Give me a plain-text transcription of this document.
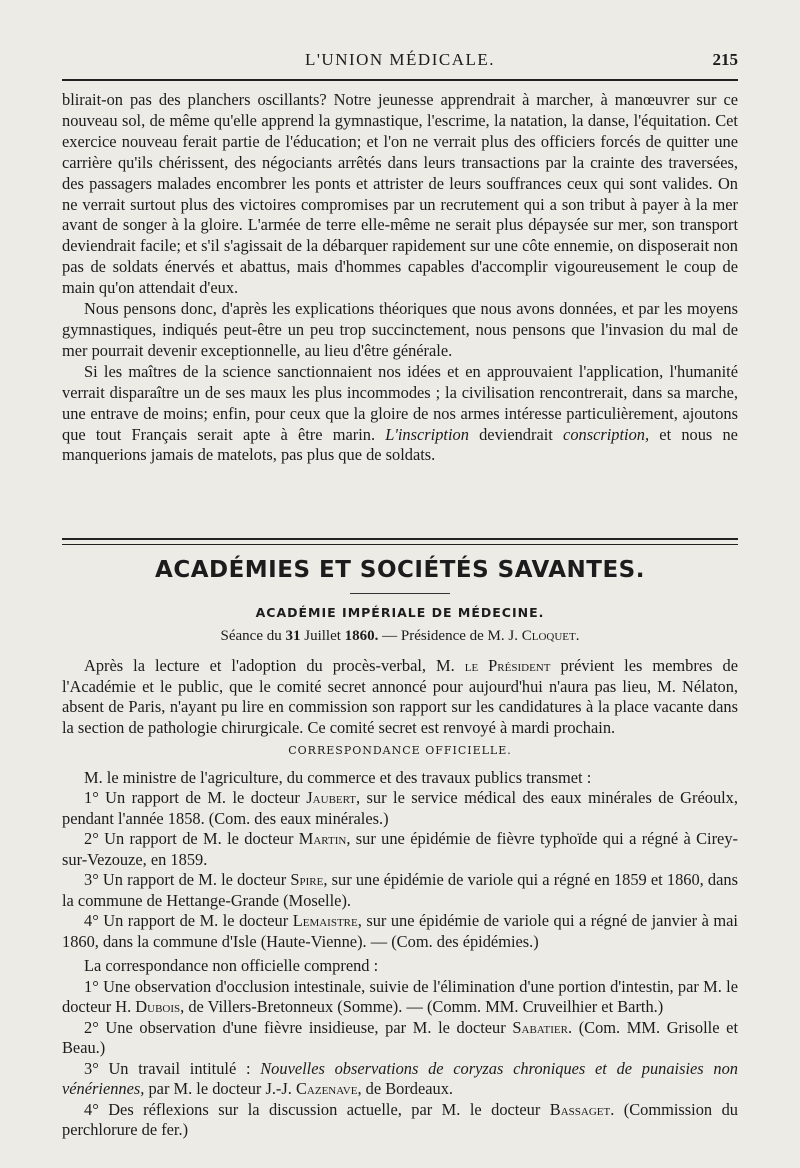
L'UNION MÉDICALE.	215

blirait-on pas des planchers oscillants? Notre jeunesse apprendrait à marcher, à manœuvrer sur ce nouveau sol, de même qu'elle apprend la gymnastique, l'escrime, la natation, la danse, l'équitation. Cet exercice nouveau ferait partie de l'éducation; et l'on ne verrait plus des officiers forcés de quitter une carrière qu'ils chérissent, des négociants arrêtés dans leurs transactions par la crainte des traversées, des passagers malades encombrer les ponts et attrister de leurs souffrances ceux qui sont valides. On ne verrait surtout plus des victoires compromises par un recrutement qui a son tribut à payer à la mer avant de songer à la gloire. L'armée de terre elle-même ne serait plus dépaysée sur mer, son transport deviendrait facile; et s'il s'agissait de la débarquer rapidement sur une côte ennemie, on disposerait non pas de soldats énervés et abattus, mais d'hommes capables d'accomplir vigoureusement le coup de main qu'on attendait d'eux.

Nous pensons donc, d'après les explications théoriques que nous avons données, et par les moyens gymnastiques, indiqués peut-être un peu trop succinctement, nous pensons que l'invasion du mal de mer pourrait devenir exceptionnelle, au lieu d'être générale.

Si les maîtres de la science sanctionnaient nos idées et en approuvaient l'application, l'humanité verrait disparaître un de ses maux les plus incommodes ; la civilisation rencontrerait, dans sa marche, une entrave de moins; enfin, pour ceux que la gloire de nos armes intéresse particulièrement, ajoutons que tout Français serait apte à être marin. L'inscription deviendrait conscription, et nous ne manquerions jamais de matelots, pas plus que de soldats.

ACADÉMIES ET SOCIÉTÉS SAVANTES.
ACADÉMIE IMPÉRIALE DE MÉDECINE.
Séance du 31 Juillet 1860. — Présidence de M. J. Cloquet.

Après la lecture et l'adoption du procès-verbal, M. le Président prévient les membres de l'Académie et le public, que le comité secret annoncé pour aujourd'hui n'aura pas lieu, M. Nélaton, absent de Paris, n'ayant pu lire en commission son rapport sur les candidatures à la place vacante dans la section de pathologie chirurgicale. Ce comité secret est renvoyé à mardi prochain.

CORRESPONDANCE OFFICIELLE.

M. le ministre de l'agriculture, du commerce et des travaux publics transmet :

1° Un rapport de M. le docteur Jaubert, sur le service médical des eaux minérales de Gréoulx, pendant l'année 1858. (Com. des eaux minérales.)

2° Un rapport de M. le docteur Martin, sur une épidémie de fièvre typhoïde qui a régné à Cirey-sur-Vezouze, en 1859.

3° Un rapport de M. le docteur Spire, sur une épidémie de variole qui a régné en 1859 et 1860, dans la commune de Hettange-Grande (Moselle).

4° Un rapport de M. le docteur Lemaistre, sur une épidémie de variole qui a régné de janvier à mai 1860, dans la commune d'Isle (Haute-Vienne). — (Com. des épidémies.)

La correspondance non officielle comprend :

1° Une observation d'occlusion intestinale, suivie de l'élimination d'une portion d'intestin, par M. le docteur H. Dubois, de Villers-Bretonneux (Somme). — (Comm. MM. Cruveilhier et Barth.)

2° Une observation d'une fièvre insidieuse, par M. le docteur Sabatier. (Com. MM. Grisolle et Beau.)

3° Un travail intitulé : Nouvelles observations de coryzas chroniques et de punaisies non vénériennes, par M. le docteur J.-J. Cazenave, de Bordeaux.

4° Des réflexions sur la discussion actuelle, par M. le docteur Bassaget. (Commission du perchlorure de fer.)
